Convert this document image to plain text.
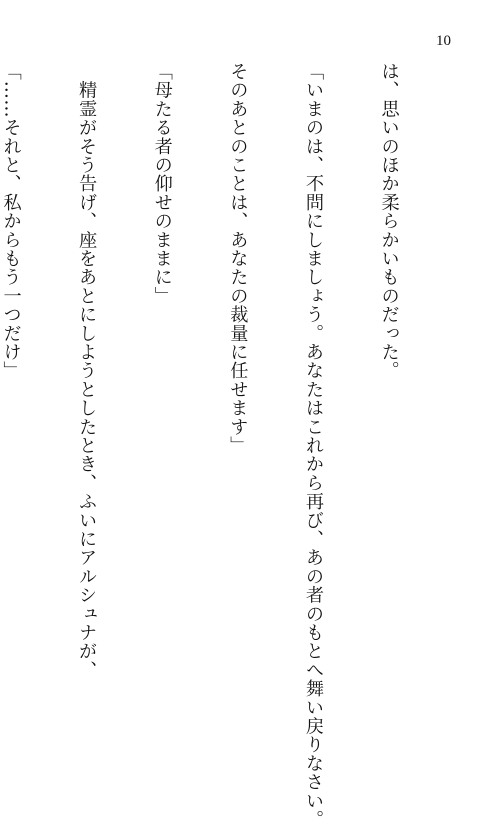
10

は、思いのほか柔らかいものだった。

「いまのは、不問にしましょう。あなたはこれから再び、あの者のもとへ舞い戻りなさい。

そのあとのことは、あなたの裁量に任せます」

「母たる者の仰せのままに」

　精霊がそう告げ、座をあとにしようとしたとき、ふいにアルシュナが、

「……それと、私からもう一つだけ」
